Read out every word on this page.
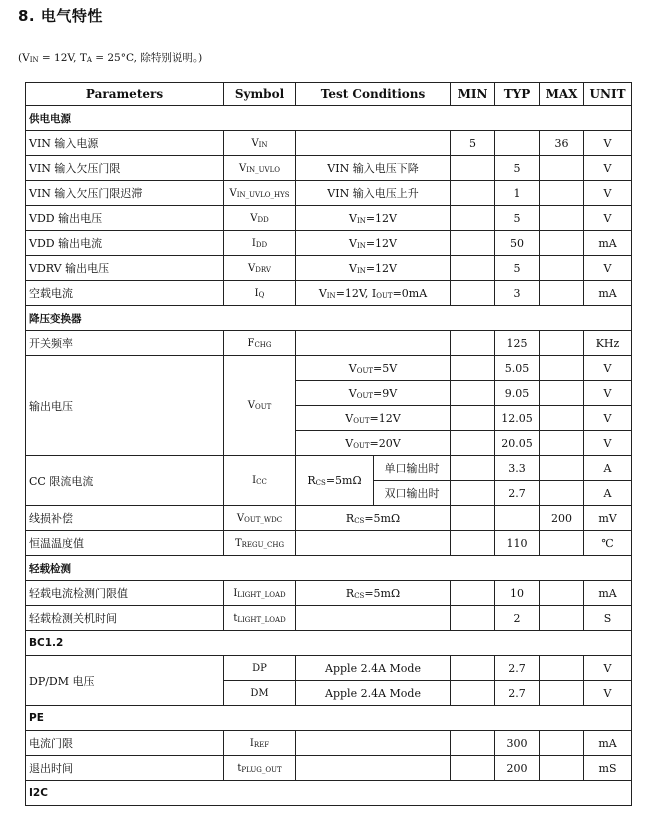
8. 电气特性
($V_{IN} = 12V$, $T_A = 25^\circ C$, 除特别说明。)
Parameters	Symbol	Test Conditions		MIN	TYP	MAX	UNIT
供电电源							
VIN 输入电源	$V_{IN}$			5		36	V
VIN 输入欠压门限	$V_{IN\_UVLO}$	VIN 输入电压下降			5		V
VIN 输入欠压门限迟滞	$V_{IN\_UVLO\_HYS}$	VIN 输入电压上升			1		V
VDD 输出电压	$V_{DD}$	$V_{IN}=12V$			5		V
VDD 输出电流	$I_{DD}$	$V_{IN}=12V$			50		mA
VDRV 输出电压	$V_{DRV}$	$V_{IN}=12V$			5		V
空载电流	$I_Q$	$V_{IN}=12V$, $I_{OUT}=0mA$			3		mA
降压变换器							
开关频率	$F_{CHG}$				125		KHz
输出电压	$V_{OUT}$	$V_{OUT}=5V$			5.05		V
		$V_{OUT}=9V$			9.05		V
		$V_{OUT}=12V$			12.05		V
		$V_{OUT}=20V$			20.05		V
CC 限流电流	$I_{CC}$	$R_{CS}=5m\Omega$	单口输出时		3.3		A
			双口输出时		2.7		A
线损补偿	$V_{OUT\_WDC}$	$R_{CS}=5m\Omega$				200	mV
恒温温度值	$T_{REGU\_CHG}$				110		℃
轻载检测							
轻载电流检测门限值	$I_{LIGHT\_LOAD}$	$R_{CS}=5m\Omega$			10		mA
轻载检测关机时间	$t_{LIGHT\_LOAD}$				2		S
BC1.2							
DP/DM 电压	DP	Apple 2.4A Mode			2.7		V
	DM	Apple 2.4A Mode			2.7		V
PE							
电流门限	$I_{REF}$				300		mA
退出时间	$t_{PLUG\_OUT}$				200		mS
I2C							
